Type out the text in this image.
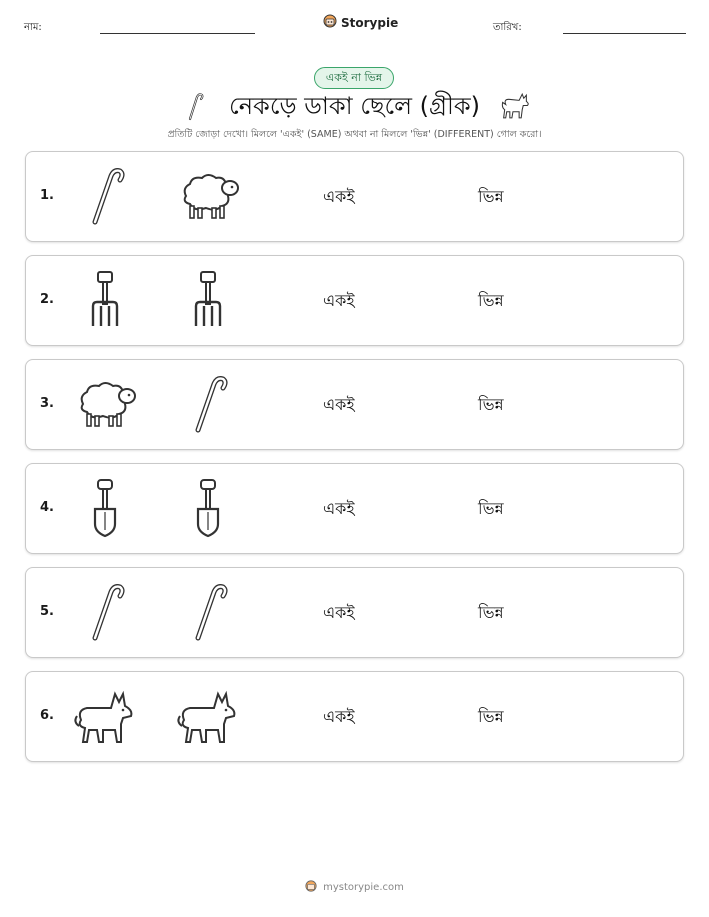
নাম:	Storypie	তারিখ:
একই না ভিন্ন
নেকড়ে ডাকা ছেলে (গ্রীক)
প্রতিটি জোড়া দেখো। মিললে 'একই' (SAME) অথবা না মিললে 'ভিন্ন' (DIFFERENT) গোল করো।
1.	একই	ভিন্ন
2.	একই	ভিন্ন
3.	একই	ভিন্ন
4.	একই	ভিন্ন
5.	একই	ভিন্ন
6.	একই	ভিন্ন
mystorypie.com
